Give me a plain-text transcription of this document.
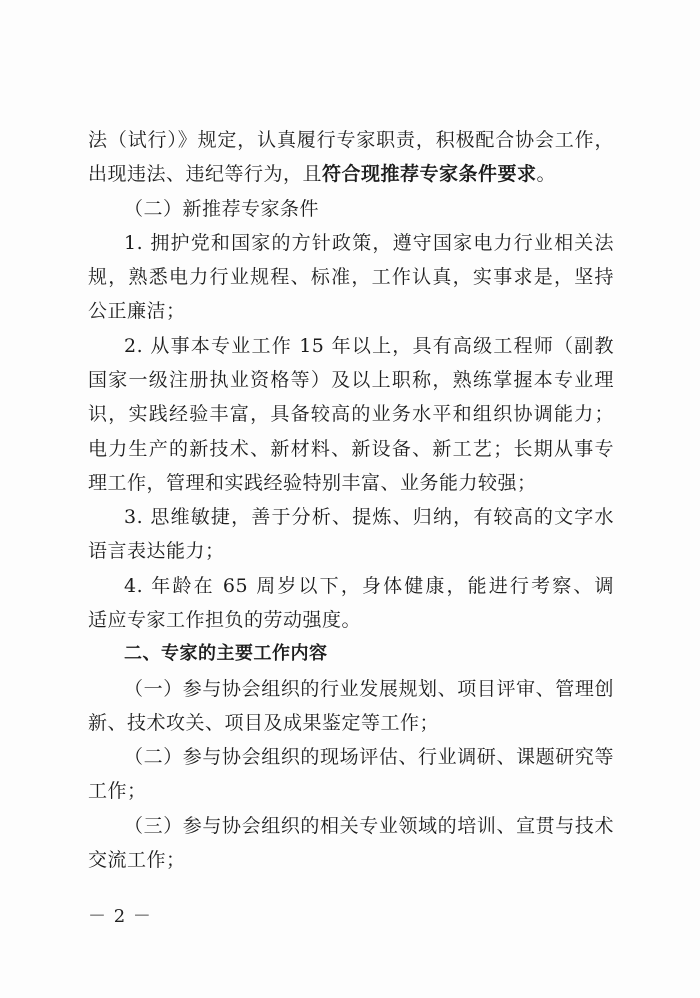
法（试行）》规定，认真履行专家职责，积极配合协会工作，
出现违法、违纪等行为，且符合现推荐专家条件要求。
（二）新推荐专家条件
1. 拥护党和国家的方针政策，遵守国家电力行业相关法
规，熟悉电力行业规程、标准，工作认真，实事求是，坚持
公正廉洁；
2. 从事本专业工作 15 年以上，具有高级工程师（副教
国家一级注册执业资格等）及以上职称，熟练掌握本专业理
识，实践经验丰富，具备较高的业务水平和组织协调能力；
电力生产的新技术、新材料、新设备、新工艺；长期从事专
理工作，管理和实践经验特别丰富、业务能力较强；
3. 思维敏捷，善于分析、提炼、归纳，有较高的文字水
语言表达能力；
4. 年龄在 65 周岁以下，身体健康，能进行考察、调
适应专家工作担负的劳动强度。
二、专家的主要工作内容
（一）参与协会组织的行业发展规划、项目评审、管理创
新、技术攻关、项目及成果鉴定等工作；
（二）参与协会组织的现场评估、行业调研、课题研究等
工作；
（三）参与协会组织的相关专业领域的培训、宣贯与技术
交流工作；
－ 2 －
